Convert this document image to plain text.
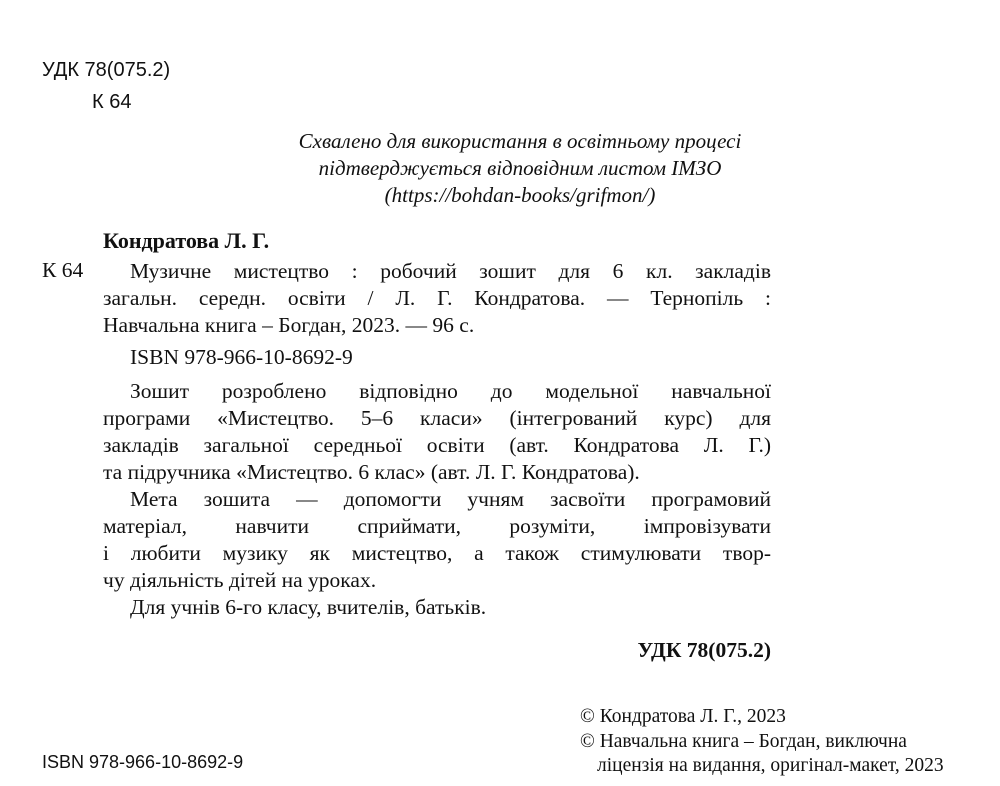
УДК 78(075.2)
К 64
Схвалено для використання в освітньому процесі
підтверджується відповідним листом ІМЗО
(https://bohdan-books/grifmon/)
Кондратова Л. Г.
К 64	Музичне мистецтво : робочий зошит для 6 кл. закладів
загальн. середн. освіти / Л. Г. Кондратова. — Тернопіль :
Навчальна книга – Богдан, 2023. — 96 с.
ISBN 978-966-10-8692-9
Зошит розроблено відповідно до модельної навчальної
програми «Мистецтво. 5–6 класи» (інтегрований курс) для
закладів загальної середньої освіти (авт. Кондратова Л. Г.)
та підручника «Мистецтво. 6 клас» (авт. Л. Г. Кондратова).
Мета зошита — допомогти учням засвоїти програмовий
матеріал, навчити сприймати, розуміти, імпровізувати
і любити музику як мистецтво, а також стимулювати твор-
чу діяльність дітей на уроках.
Для учнів 6-го класу, вчителів, батьків.
УДК 78(075.2)
ISBN 978-966-10-8692-9
© Кондратова Л. Г., 2023
© Навчальна книга – Богдан, виключна
ліцензія на видання, оригінал-макет, 2023
